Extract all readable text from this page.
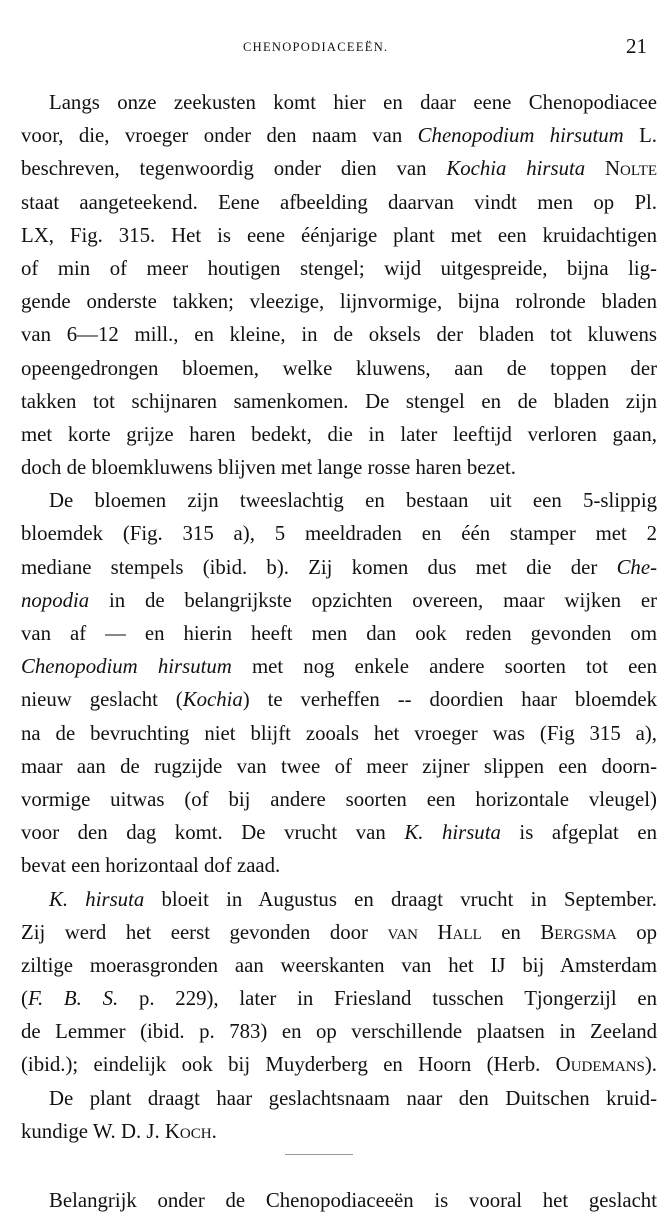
CHENOPODIACEEËN.	21
Langs onze zeekusten komt hier en daar eene Chenopodiacee
voor, die, vroeger onder den naam van Chenopodium hirsutum L.
beschreven, tegenwoordig onder dien van Kochia hirsuta Nolte
staat aangeteekend. Eene afbeelding daarvan vindt men op Pl.
LX, Fig. 315. Het is eene éénjarige plant met een kruidachtigen
of min of meer houtigen stengel; wijd uitgespreide, bijna lig-
gende onderste takken; vleezige, lijnvormige, bijna rolronde bladen
van 6—12 mill., en kleine, in de oksels der bladen tot kluwens
opeengedrongen bloemen, welke kluwens, aan de toppen der
takken tot schijnaren samenkomen. De stengel en de bladen zijn
met korte grijze haren bedekt, die in later leeftijd verloren gaan,
doch de bloemkluwens blijven met lange rosse haren bezet.
De bloemen zijn tweeslachtig en bestaan uit een 5-slippig
bloemdek (Fig. 315 a), 5 meeldraden en één stamper met 2
mediane stempels (ibid. b). Zij komen dus met die der Che-
nopodia in de belangrijkste opzichten overeen, maar wijken er
van af — en hierin heeft men dan ook reden gevonden om
Chenopodium hirsutum met nog enkele andere soorten tot een
nieuw geslacht (Kochia) te verheffen -- doordien haar bloemdek
na de bevruchting niet blijft zooals het vroeger was (Fig 315 a),
maar aan de rugzijde van twee of meer zijner slippen een doorn-
vormige uitwas (of bij andere soorten een horizontale vleugel)
voor den dag komt. De vrucht van K. hirsuta is afgeplat en
bevat een horizontaal dof zaad.
K. hirsuta bloeit in Augustus en draagt vrucht in September.
Zij werd het eerst gevonden door van Hall en Bergsma op
ziltige moerasgronden aan weerskanten van het IJ bij Amsterdam
(F. B. S. p. 229), later in Friesland tusschen Tjongerzijl en
de Lemmer (ibid. p. 783) en op verschillende plaatsen in Zeeland
(ibid.); eindelijk ook bij Muyderberg en Hoorn (Herb. Oudemans).
De plant draagt haar geslachtsnaam naar den Duitschen kruid-
kundige W. D. J. Koch.
Belangrijk onder de Chenopodiaceeën is vooral het geslacht
